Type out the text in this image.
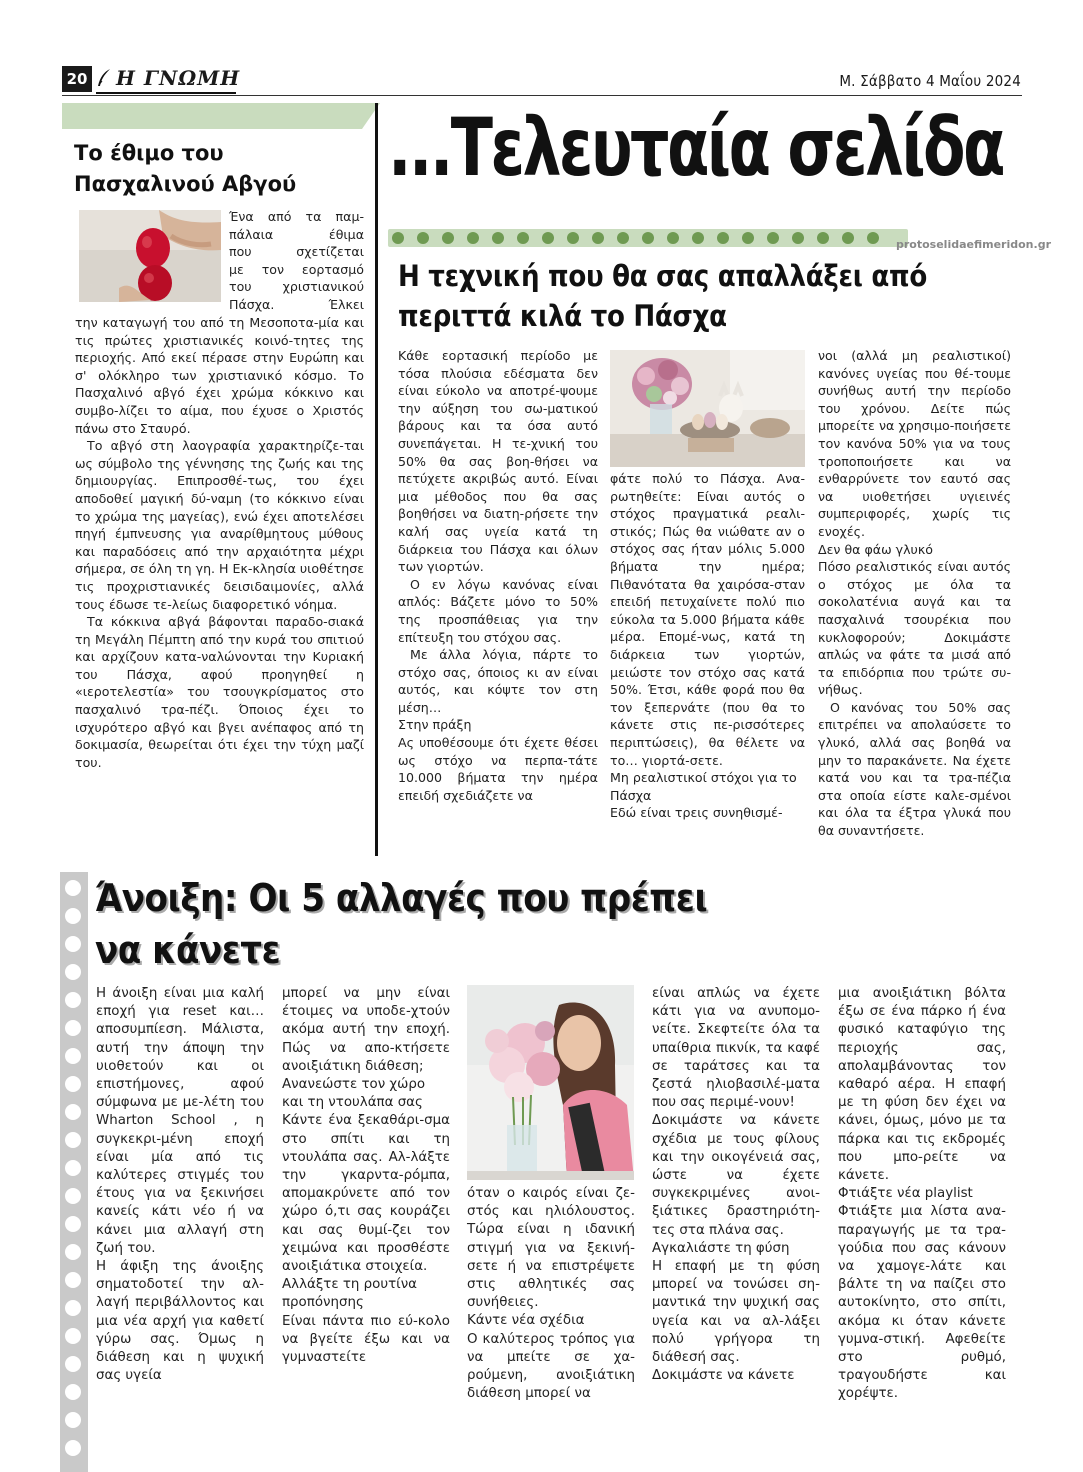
20 Η ΓΝΩΜΗ	Μ. Σάββατο 4 Μαΐου 2024
Το έθιμο του
Πασχαλινού Αβγού

Ένα από τα παμ-

πάλαια έθιμα

που σχετίζεται

με τον εορτασμό

του χριστιανικού

Πάσχα. Έλκει

την καταγωγή του από τη Μεσοποτα-μία και τις πρώτες χριστιανικές κοινό-τητες της περιοχής. Από εκεί πέρασε στην Ευρώπη και σ' ολόκληρο των χριστιανικό κόσμο. Το Πασχαλινό αβγό έχει χρώμα κόκκινο και συμβο-λίζει το αίμα, που έχυσε ο Χριστός πάνω στο Σταυρό.

Το αβγό στη λαογραφία χαρακτηρίζε-ται ως σύμβολο της γέννησης της ζωής και της δημιουργίας. Επιπροσθέ-τως, του έχει αποδοθεί μαγική δύ-ναμη (το κόκκινο είναι το χρώμα της μαγείας), ενώ έχει αποτελέσει πηγή έμπνευσης για αναρίθμητους μύθους και παραδόσεις από την αρχαιότητα μέχρι σήμερα, σε όλη τη γη. Η Εκ-κλησία υιοθέτησε τις προχριστιανικές δεισιδαιμονίες, αλλά τους έδωσε τε-λείως διαφορετικό νόημα.

Τα κόκκινα αβγά βάφονται παραδο-σιακά τη Μεγάλη Πέμπτη από την κυρά του σπιτιού και αρχίζουν κατα-ναλώνονται την Κυριακή του Πάσχα, αφού προηγηθεί η «ιεροτελεστία» του τσουγκρίσματος στο πασχαλινό τρα-πέζι. Όποιος έχει το ισχυρότερο αβγό και βγει ανέπαφος από τη δοκιμασία, θεωρείται ότι έχει την τύχη μαζί του.

...Τελευταία σελίδα
protoselidaefimeridon.gr
Η τεχνική που θα σας απαλλάξει από
περιττά κιλά το Πάσχα

Κάθε εορτασική περίοδο με τόσα πλούσια εδέσματα δεν είναι εύκολο να αποτρέ-ψουμε την αύξηση του σω-ματικού βάρους και τα όσα αυτό συνεπάγεται. Η τε-χνική του 50% θα σας βοη-θήσει να πετύχετε ακριβώς αυτό. Είναι μια μέθοδος που θα σας βοηθήσει να διατη-ρήσετε την καλή σας υγεία κατά τη διάρκεια του Πάσχα και όλων των γιορτών.

Ο εν λόγω κανόνας είναι απλός: Βάζετε μόνο το 50% της προσπάθειας για την επίτευξη του στόχου σας.

Με άλλα λόγια, πάρτε το στόχο σας, όποιος κι αν είναι αυτός, και κόψτε τον στη μέση…

Στην πράξη

Ας υποθέσουμε ότι έχετε θέσει ως στόχο να περπα-τάτε 10.000 βήματα την ημέρα επειδή σχεδιάζετε να

φάτε πολύ το Πάσχα. Ανα-ρωτηθείτε: Είναι αυτός ο στόχος πραγματικά ρεαλι-στικός; Πώς θα νιώθατε αν ο στόχος σας ήταν μόλις 5.000 βήματα την ημέρα; Πιθανότατα θα χαιρόσα-σταν επειδή πετυχαίνετε πολύ πιο εύκολα τα 5.000 βήματα κάθε μέρα. Επομέ-νως, κατά τη διάρκεια των γιορτών, μειώστε τον στόχο σας κατά 50%. Έτσι, κάθε φορά που θα τον ξεπερνάτε (που θα το κάνετε στις πε-ρισσότερες περιπτώσεις), θα θέλετε να το… γιορτά-σετε.

Μη ρεαλιστικοί στόχοι για το Πάσχα

Εδώ είναι τρεις συνηθισμέ-

νοι (αλλά μη ρεαλιστικοί) κανόνες υγείας που θέ-τουμε συνήθως αυτή την περίοδο του χρόνου. Δείτε πώς μπορείτε να χρησιμο-ποιήσετε τον κανόνα 50% για να τους τροποποιήσετε και να ενθαρρύνετε τον εαυτό σας να υιοθετήσει υγιεινές συμπεριφορές, χωρίς τις ενοχές.

Δεν θα φάω γλυκό

Πόσο ρεαλιστικός είναι αυτός ο στόχος με όλα τα σοκολατένια αυγά και τα πασχαλινά τσουρέκια που κυκλοφορούν; Δοκιμάστε απλώς να φάτε τα μισά από τα επιδόρπια που τρώτε συ-νήθως.

Ο κανόνας του 50% σας επιτρέπει να απολαύσετε το γλυκό, αλλά σας βοηθά να μην το παρακάνετε. Να έχετε κατά νου και τα τρα-πέζια στα οποία είστε καλε-σμένοι και όλα τα έξτρα γλυκά που θα συναντήσετε.

Άνοιξη: Οι 5 αλλαγές που πρέπει
να κάνετε

Η άνοιξη είναι μια καλή εποχή για reset και… αποσυμπίεση. Μάλιστα, αυτή την άποψη την υιοθετούν και οι επιστήμονες, αφού σύμφωνα με με-λέτη του Wharton School , η συγκεκρι-μένη εποχή είναι μία από τις καλύτερες στιγμές του έτους για να ξεκινήσει κανείς κάτι νέο ή να κάνει μια αλλαγή στη ζωή του.

Η άφιξη της άνοιξης σηματοδοτεί την αλ-λαγή περιβάλλοντος και μια νέα αρχή για καθετί γύρω σας. Όμως η διάθεση και η ψυχική σας υγεία

μπορεί να μην είναι έτοιμες να υποδε-χτούν ακόμα αυτή την εποχή. Πώς να απο-κτήσετε ανοιξιάτικη διάθεση;

Ανανεώστε τον χώρο και τη ντουλάπα σας

Κάντε ένα ξεκαθάρι-σμα στο σπίτι και τη ντουλάπα σας. Αλ-λάξτε την γκαρντα-ρόμπα, απομακρύνετε από τον χώρο ό,τι σας κουράζει και σας θυμί-ζει τον χειμώνα και προσθέστε ανοιξιάτικα στοιχεία.

Αλλάξτε τη ρουτίνα προπόνησης

Είναι πάντα πιο εύ-κολο να βγείτε έξω και να γυμναστείτε

όταν ο καιρός είναι ζε-στός και ηλιόλουστος. Τώρα είναι η ιδανική στιγμή για να ξεκινή-σετε ή να επιστρέψετε στις αθλητικές σας συνήθειες.

Κάντε νέα σχέδια

Ο καλύτερος τρόπος για να μπείτε σε χα-ρούμενη, ανοιξιάτικη διάθεση μπορεί να

είναι απλώς να έχετε κάτι για να ανυπομο-νείτε. Σκεφτείτε όλα τα υπαίθρια πικνίκ, τα καφέ σε ταράτσες και τα ζεστά ηλιοβασιλέ-ματα που σας περιμέ-νουν!

Δοκιμάστε να κάνετε σχέδια με τους φίλους και την οικογένειά σας, ώστε να έχετε συγκεκριμένες ανοι-ξιάτικες δραστηριότη-τες στα πλάνα σας.

Αγκαλιάστε τη φύση

Η επαφή με τη φύση μπορεί να τονώσει ση-μαντικά την ψυχική σας υγεία και να αλ-λάξει πολύ γρήγορα τη διάθεσή σας.

Δοκιμάστε να κάνετε

μια ανοιξιάτικη βόλτα έξω σε ένα πάρκο ή ένα φυσικό καταφύγιο της περιοχής σας, απολαμβάνοντας τον καθαρό αέρα. Η επαφή με τη φύση δεν έχει να κάνει, όμως, μόνο με τα πάρκα και τις εκδρομές που μπο-ρείτε να κάνετε.

Φτιάξτε νέα playlist

Φτιάξτε μια λίστα ανα-παραγωγής με τα τρα-γούδια που σας κάνουν να χαμογε-λάτε και βάλτε τη να παίζει στο αυτοκίνητο, στο σπίτι, ακόμα κι όταν κάνετε γυμνα-στική. Αφεθείτε στο ρυθμό, τραγουδήστε και χορέψτε.
